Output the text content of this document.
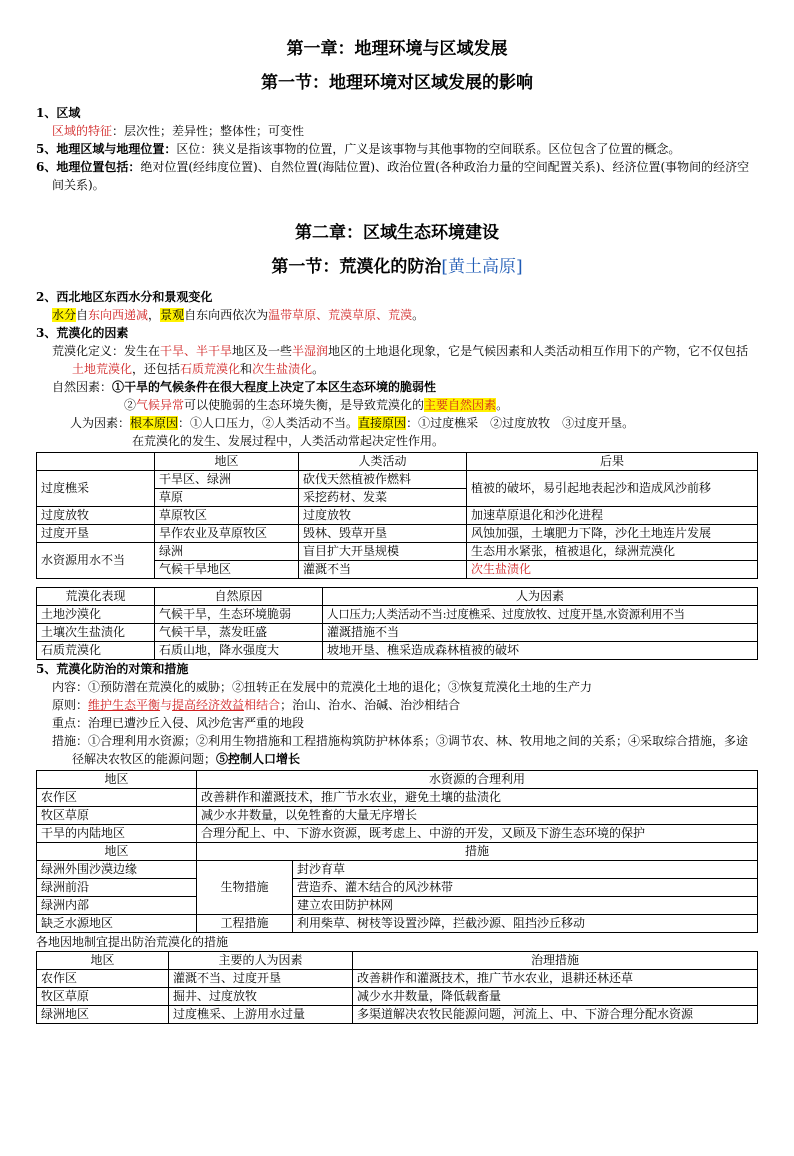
第一章：地理环境与区域发展
第一节：地理环境对区域发展的影响
1、区域
区域的特征：层次性；差异性；整体性；可变性
5、地理区域与地理位置：区位：狭义是指该事物的位置，广义是该事物与其他事物的空间联系。区位包含了位置的概念。
6、地理位置包括：绝对位置(经纬度位置)、自然位置(海陆位置)、政治位置(各种政治力量的空间配置关系)、经济位置(事物间的经济空间关系)。
第二章：区域生态环境建设
第一节：荒漠化的防治[黄土高原]
2、西北地区东西水分和景观变化
水分自东向西递减，景观自东向西依次为温带草原、荒漠草原、荒漠。
3、荒漠化的因素
荒漠化定义：发生在干旱、半干旱地区及一些半湿润地区的土地退化现象，它是气候因素和人类活动相互作用下的产物，它不仅包括土地荒漠化，还包括石质荒漠化和次生盐渍化。
自然因素：①干旱的气候条件在很大程度上决定了本区生态环境的脆弱性
②气候异常可以使脆弱的生态环境失衡，是导致荒漠化的主要自然因素。
人为因素：根本原因：①人口压力，②人类活动不当。直接原因：①过度樵采　②过度放牧　③过度开垦。
在荒漠化的发生、发展过程中，人类活动常起决定性作用。
	地区	人类活动	后果
过度樵采	干旱区、绿洲	砍伐天然植被作燃料	植被的破坏，易引起地表起沙和造成风沙前移
	草原	采挖药材、发菜	
过度放牧	草原牧区	过度放牧	加速草原退化和沙化进程
过度开垦	旱作农业及草原牧区	毁林、毁草开垦	风蚀加强，土壤肥力下降，沙化土地连片发展
水资源用水不当	绿洲	盲目扩大开垦规模	生态用水紧张，植被退化，绿洲荒漠化
	气候干旱地区	灌溉不当	次生盐渍化
荒漠化表现	自然原因	人为因素
土地沙漠化	气候干旱，生态环境脆弱	人口压力;人类活动不当:过度樵采、过度放牧、过度开垦,水资源利用不当
土壤次生盐渍化	气候干旱，蒸发旺盛	灌溉措施不当
石质荒漠化	石质山地，降水强度大	坡地开垦、樵采造成森林植被的破坏
5、荒漠化防治的对策和措施
内容：①预防潜在荒漠化的威胁；②扭转正在发展中的荒漠化土地的退化；③恢复荒漠化土地的生产力
原则：维护生态平衡与提高经济效益相结合；治山、治水、治碱、治沙相结合
重点：治理已遭沙丘入侵、风沙危害严重的地段
措施：①合理利用水资源；②利用生物措施和工程措施构筑防护林体系；③调节农、林、牧用地之间的关系；④采取综合措施，多途径解决农牧区的能源问题；⑤控制人口增长
地区	水资源的合理利用	
农作区	改善耕作和灌溉技术，推广节水农业，避免土壤的盐渍化	
牧区草原	减少水井数量，以免牲畜的大量无序增长	
干旱的内陆地区	合理分配上、中、下游水资源，既考虑上、中游的开发，又顾及下游生态环境的保护	
地区	措施	
绿洲外围沙漠边缘	生物措施	封沙育草
绿洲前沿		营造乔、灌木结合的风沙林带
绿洲内部		建立农田防护林网
缺乏水源地区	工程措施	利用柴草、树枝等设置沙障，拦截沙源、阻挡沙丘移动
各地因地制宜提出防治荒漠化的措施
地区	主要的人为因素	治理措施
农作区	灌溉不当、过度开垦	改善耕作和灌溉技术，推广节水农业，退耕还林还草
牧区草原	掘井、过度放牧	减少水井数量，降低载畜量
绿洲地区	过度樵采、上游用水过量	多渠道解决农牧民能源问题，河流上、中、下游合理分配水资源
